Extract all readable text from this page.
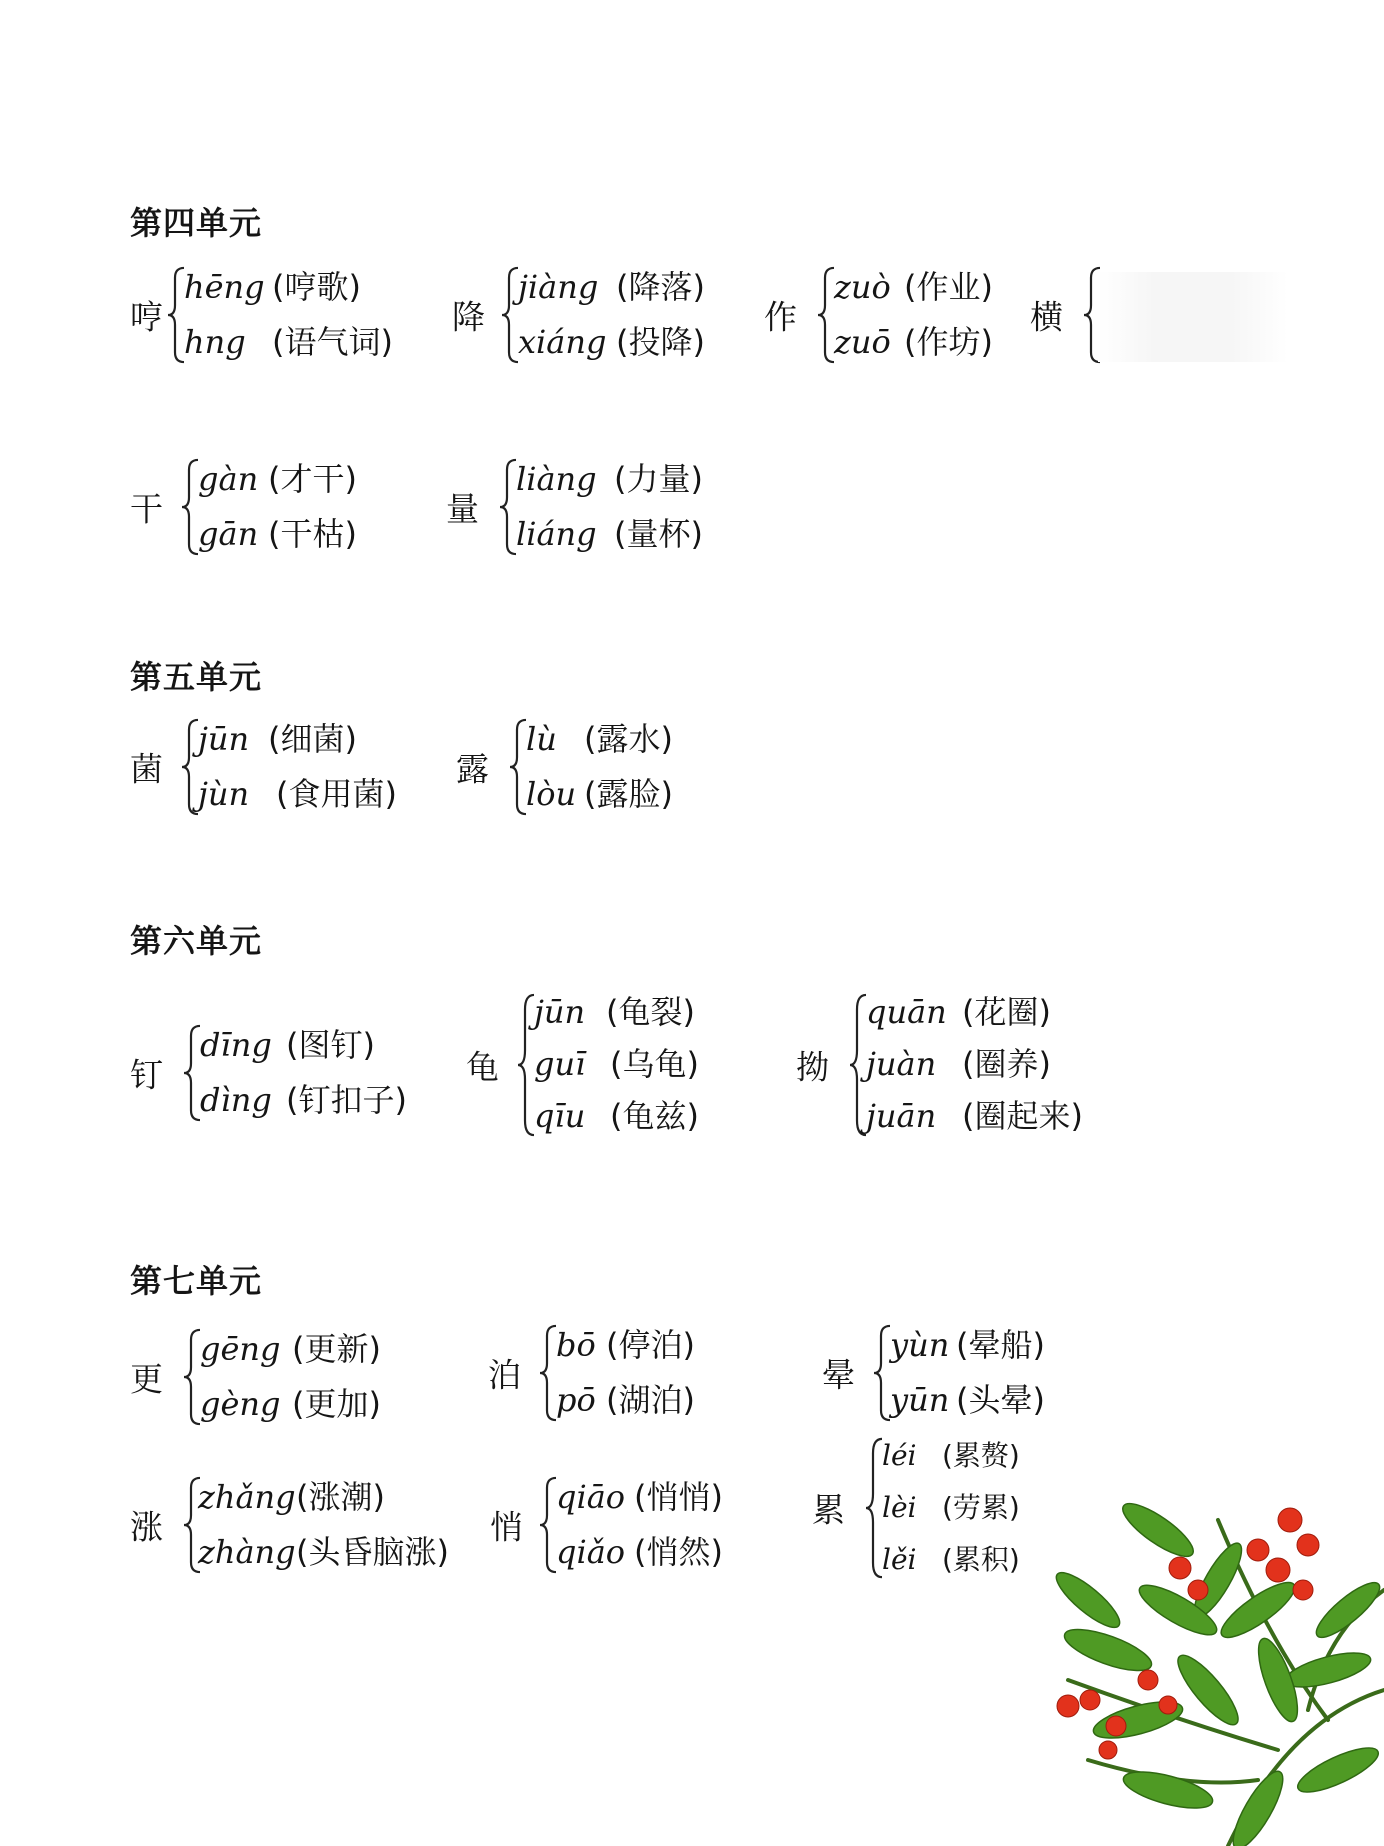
第四单元
哼
hēng (哼歌)
hng (语气词)
降
jiàng (降落)
xiáng (投降)
作
zuò (作业)
zuō (作坊)
横
干
gàn (才干)
gān (干枯)
量
liàng (力量)
liáng (量杯)
第五单元
菌
jūn (细菌)
jùn (食用菌)
露
lù (露水)
lòu (露脸)
第六单元
钉
dīng (图钉)
dìng (钉扣子)
龟
jūn (龟裂)
guī (乌龟)
qīu (龟兹)
拗
quān (花圈)
juàn (圈养)
juān (圈起来)
第七单元
更
gēng (更新)
gèng (更加)
泊
bō (停泊)
pō (湖泊)
晕
yùn (晕船)
yūn (头晕)
涨
zhǎng(涨潮)
zhàng(头昏脑涨)
悄
qiāo (悄悄)
qiǎo (悄然)
累
léi (累赘)
lèi (劳累)
lěi (累积)
